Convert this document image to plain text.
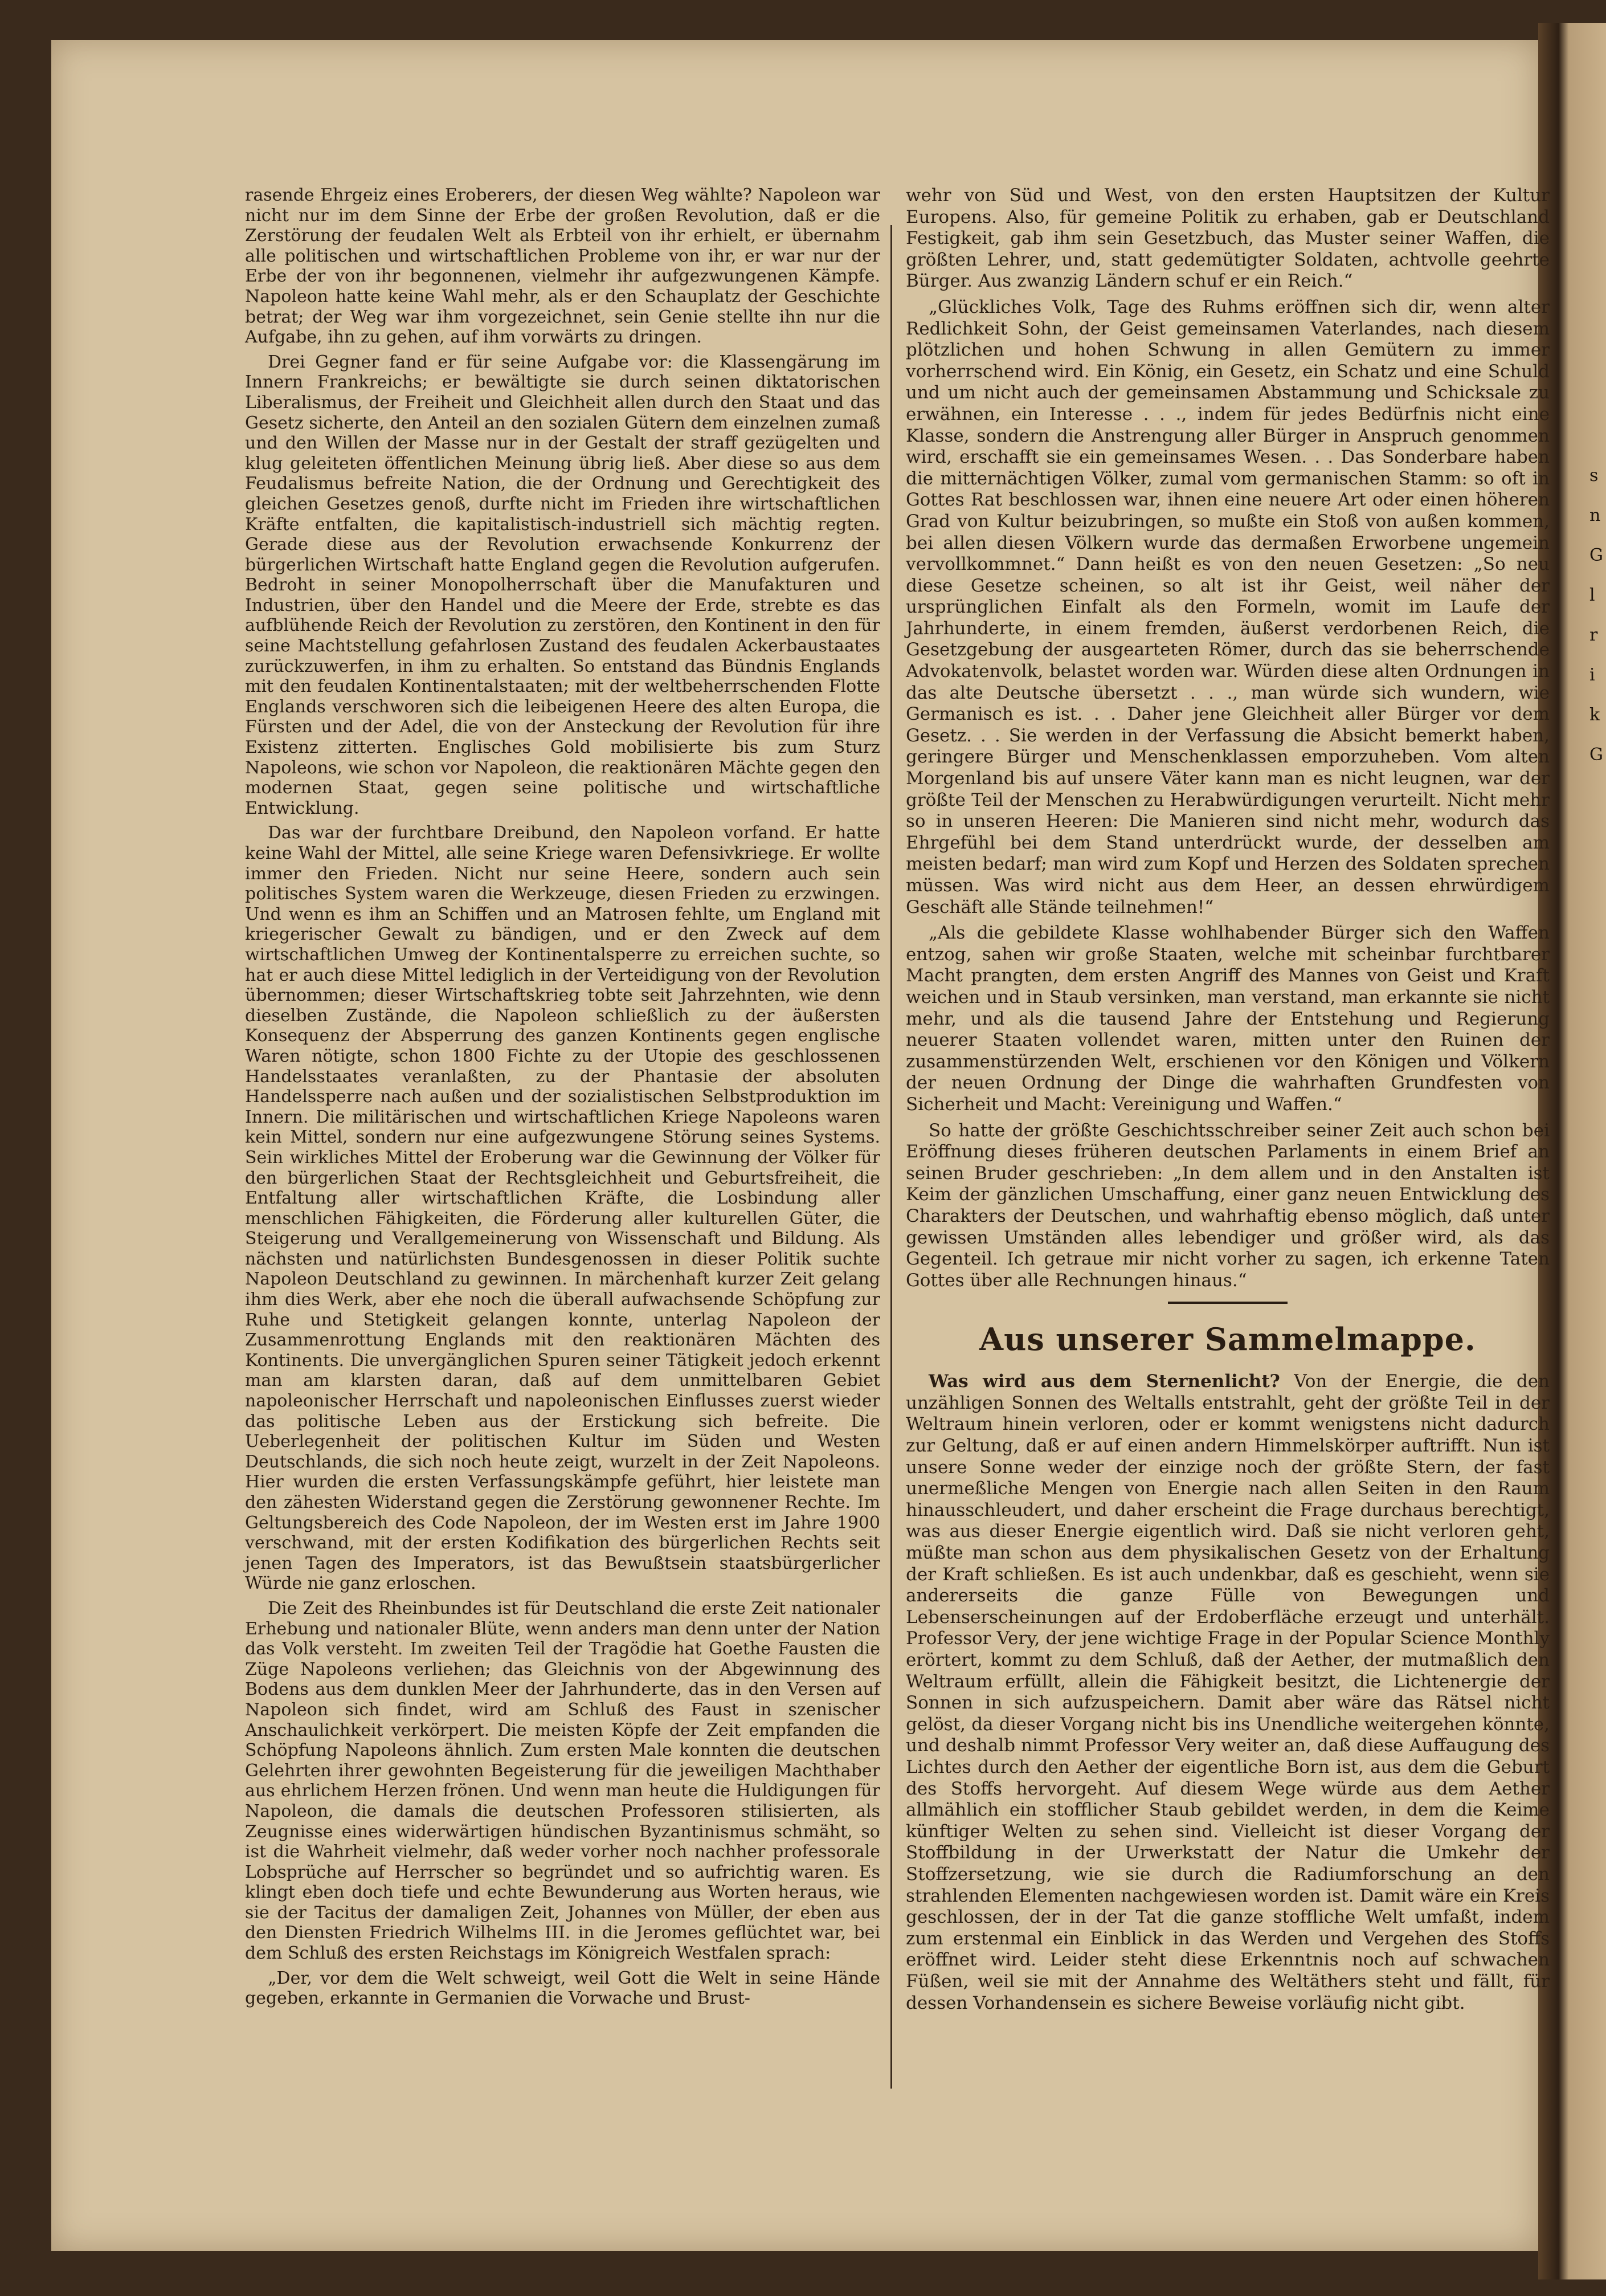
s
n
G
l
r
i
k
G

rasende Ehrgeiz eines Eroberers, der diesen Weg wählte? Napoleon war nicht nur im dem Sinne der Erbe der großen Revolution, daß er die Zerstörung der feudalen Welt als Erbteil von ihr erhielt, er übernahm alle politischen und wirtschaftlichen Probleme von ihr, er war nur der Erbe der von ihr begonnenen, vielmehr ihr aufgezwungenen Kämpfe. Napoleon hatte keine Wahl mehr, als er den Schauplatz der Geschichte betrat; der Weg war ihm vorgezeichnet, sein Genie stellte ihn nur die Aufgabe, ihn zu gehen, auf ihm vorwärts zu dringen.

Drei Gegner fand er für seine Aufgabe vor: die Klassengärung im Innern Frankreichs; er bewältigte sie durch seinen diktatorischen Liberalismus, der Freiheit und Gleichheit allen durch den Staat und das Gesetz sicherte, den Anteil an den sozialen Gütern dem einzelnen zumaß und den Willen der Masse nur in der Gestalt der straff gezügelten und klug geleiteten öffentlichen Meinung übrig ließ. Aber diese so aus dem Feudalismus befreite Nation, die der Ordnung und Gerechtigkeit des gleichen Gesetzes genoß, durfte nicht im Frieden ihre wirtschaftlichen Kräfte entfalten, die kapitalistisch-industriell sich mächtig regten. Gerade diese aus der Revolution erwachsende Konkurrenz der bürgerlichen Wirtschaft hatte England gegen die Revolution aufgerufen. Bedroht in seiner Monopolherrschaft über die Manufakturen und Industrien, über den Handel und die Meere der Erde, strebte es das aufblühende Reich der Revolution zu zerstören, den Kontinent in den für seine Machtstellung gefahrlosen Zustand des feudalen Ackerbaustaates zurückzuwerfen, in ihm zu erhalten. So entstand das Bündnis Englands mit den feudalen Kontinentalstaaten; mit der weltbeherrschenden Flotte Englands verschworen sich die leibeigenen Heere des alten Europa, die Fürsten und der Adel, die von der Ansteckung der Revolution für ihre Existenz zitterten. Englisches Gold mobilisierte bis zum Sturz Napoleons, wie schon vor Napoleon, die reaktionären Mächte gegen den modernen Staat, gegen seine politische und wirtschaftliche Entwicklung.

Das war der furchtbare Dreibund, den Napoleon vorfand. Er hatte keine Wahl der Mittel, alle seine Kriege waren Defensivkriege. Er wollte immer den Frieden. Nicht nur seine Heere, sondern auch sein politisches System waren die Werkzeuge, diesen Frieden zu erzwingen. Und wenn es ihm an Schiffen und an Matrosen fehlte, um England mit kriegerischer Gewalt zu bändigen, und er den Zweck auf dem wirtschaftlichen Umweg der Kontinentalsperre zu erreichen suchte, so hat er auch diese Mittel lediglich in der Verteidigung von der Revolution übernommen; dieser Wirtschaftskrieg tobte seit Jahrzehnten, wie denn dieselben Zustände, die Napoleon schließlich zu der äußersten Konsequenz der Absperrung des ganzen Kontinents gegen englische Waren nötigte, schon 1800 Fichte zu der Utopie des geschlossenen Handelsstaates veranlaßten, zu der Phantasie der absoluten Handelssperre nach außen und der sozialistischen Selbstproduktion im Innern. Die militärischen und wirtschaftlichen Kriege Napoleons waren kein Mittel, sondern nur eine aufgezwungene Störung seines Systems. Sein wirkliches Mittel der Eroberung war die Gewinnung der Völker für den bürgerlichen Staat der Rechtsgleichheit und Geburtsfreiheit, die Entfaltung aller wirtschaftlichen Kräfte, die Losbindung aller menschlichen Fähigkeiten, die Förderung aller kulturellen Güter, die Steigerung und Verallgemeinerung von Wissenschaft und Bildung. Als nächsten und natürlichsten Bundesgenossen in dieser Politik suchte Napoleon Deutschland zu gewinnen. In märchenhaft kurzer Zeit gelang ihm dies Werk, aber ehe noch die überall aufwachsende Schöpfung zur Ruhe und Stetigkeit gelangen konnte, unterlag Napoleon der Zusammenrottung Englands mit den reaktionären Mächten des Kontinents. Die unvergänglichen Spuren seiner Tätigkeit jedoch erkennt man am klarsten daran, daß auf dem unmittelbaren Gebiet napoleonischer Herrschaft und napoleonischen Einflusses zuerst wieder das politische Leben aus der Erstickung sich befreite. Die Ueberlegenheit der politischen Kultur im Süden und Westen Deutschlands, die sich noch heute zeigt, wurzelt in der Zeit Napoleons. Hier wurden die ersten Verfassungskämpfe geführt, hier leistete man den zähesten Widerstand gegen die Zerstörung gewonnener Rechte. Im Geltungsbereich des Code Napoleon, der im Westen erst im Jahre 1900 verschwand, mit der ersten Kodifikation des bürgerlichen Rechts seit jenen Tagen des Imperators, ist das Bewußtsein staatsbürgerlicher Würde nie ganz erloschen.

Die Zeit des Rheinbundes ist für Deutschland die erste Zeit nationaler Erhebung und nationaler Blüte, wenn anders man denn unter der Nation das Volk versteht. Im zweiten Teil der Tragödie hat Goethe Fausten die Züge Napoleons verliehen; das Gleichnis von der Abgewinnung des Bodens aus dem dunklen Meer der Jahrhunderte, das in den Versen auf Napoleon sich findet, wird am Schluß des Faust in szenischer Anschaulichkeit verkörpert. Die meisten Köpfe der Zeit empfanden die Schöpfung Napoleons ähnlich. Zum ersten Male konnten die deutschen Gelehrten ihrer gewohnten Begeisterung für die jeweiligen Machthaber aus ehrlichem Herzen frönen. Und wenn man heute die Huldigungen für Napoleon, die damals die deutschen Professoren stilisierten, als Zeugnisse eines widerwärtigen hündischen Byzantinismus schmäht, so ist die Wahrheit vielmehr, daß weder vorher noch nachher professorale Lobsprüche auf Herrscher so begründet und so aufrichtig waren. Es klingt eben doch tiefe und echte Bewunderung aus Worten heraus, wie sie der Tacitus der damaligen Zeit, Johannes von Müller, der eben aus den Diensten Friedrich Wilhelms III. in die Jeromes geflüchtet war, bei dem Schluß des ersten Reichstags im Königreich Westfalen sprach:

„Der, vor dem die Welt schweigt, weil Gott die Welt in seine Hände gegeben, erkannte in Germanien die Vorwache und Brust-

wehr von Süd und West, von den ersten Hauptsitzen der Kultur Europens. Also, für gemeine Politik zu erhaben, gab er Deutschland Festigkeit, gab ihm sein Gesetzbuch, das Muster seiner Waffen, die größten Lehrer, und, statt gedemütigter Soldaten, achtvolle geehrte Bürger. Aus zwanzig Ländern schuf er ein Reich.“

„Glückliches Volk, Tage des Ruhms eröffnen sich dir, wenn alter Redlichkeit Sohn, der Geist gemeinsamen Vaterlandes, nach diesem plötzlichen und hohen Schwung in allen Gemütern zu immer vorherrschend wird. Ein König, ein Gesetz, ein Schatz und eine Schuld und um nicht auch der gemeinsamen Abstammung und Schicksale zu erwähnen, ein Interesse . . ., indem für jedes Bedürfnis nicht eine Klasse, sondern die Anstrengung aller Bürger in Anspruch genommen wird, erschafft sie ein gemeinsames Wesen. . . Das Sonderbare haben die mitternächtigen Völker, zumal vom germanischen Stamm: so oft in Gottes Rat beschlossen war, ihnen eine neuere Art oder einen höheren Grad von Kultur beizubringen, so mußte ein Stoß von außen kommen, bei allen diesen Völkern wurde das dermaßen Erworbene ungemein vervollkommnet.“ Dann heißt es von den neuen Gesetzen: „So neu diese Gesetze scheinen, so alt ist ihr Geist, weil näher der ursprünglichen Einfalt als den Formeln, womit im Laufe der Jahrhunderte, in einem fremden, äußerst verdorbenen Reich, die Gesetzgebung der ausgearteten Römer, durch das sie beherrschende Advokatenvolk, belastet worden war. Würden diese alten Ordnungen in das alte Deutsche übersetzt . . ., man würde sich wundern, wie Germanisch es ist. . . Daher jene Gleichheit aller Bürger vor dem Gesetz. . . Sie werden in der Verfassung die Absicht bemerkt haben, geringere Bürger und Menschenklassen emporzuheben. Vom alten Morgenland bis auf unsere Väter kann man es nicht leugnen, war der größte Teil der Menschen zu Herabwürdigungen verurteilt. Nicht mehr so in unseren Heeren: Die Manieren sind nicht mehr, wodurch das Ehrgefühl bei dem Stand unterdrückt wurde, der desselben am meisten bedarf; man wird zum Kopf und Herzen des Soldaten sprechen müssen. Was wird nicht aus dem Heer, an dessen ehrwürdigem Geschäft alle Stände teilnehmen!“

„Als die gebildete Klasse wohlhabender Bürger sich den Waffen entzog, sahen wir große Staaten, welche mit scheinbar furchtbarer Macht prangten, dem ersten Angriff des Mannes von Geist und Kraft weichen und in Staub versinken, man verstand, man erkannte sie nicht mehr, und als die tausend Jahre der Entstehung und Regierung neuerer Staaten vollendet waren, mitten unter den Ruinen der zusammenstürzenden Welt, erschienen vor den Königen und Völkern der neuen Ordnung der Dinge die wahrhaften Grundfesten von Sicherheit und Macht: Vereinigung und Waffen.“

So hatte der größte Geschichtsschreiber seiner Zeit auch schon bei Eröffnung dieses früheren deutschen Parlaments in einem Brief an seinen Bruder geschrieben: „In dem allem und in den Anstalten ist Keim der gänzlichen Umschaffung, einer ganz neuen Entwicklung des Charakters der Deutschen, und wahrhaftig ebenso möglich, daß unter gewissen Umständen alles lebendiger und größer wird, als das Gegenteil. Ich getraue mir nicht vorher zu sagen, ich erkenne Taten Gottes über alle Rechnungen hinaus.“

Aus unserer Sammelmappe.

Was wird aus dem Sternenlicht? Von der Energie, die den unzähligen Sonnen des Weltalls entstrahlt, geht der größte Teil in der Weltraum hinein verloren, oder er kommt wenigstens nicht dadurch zur Geltung, daß er auf einen andern Himmelskörper auftrifft. Nun ist unsere Sonne weder der einzige noch der größte Stern, der fast unermeßliche Mengen von Energie nach allen Seiten in den Raum hinausschleudert, und daher erscheint die Frage durchaus berechtigt, was aus dieser Energie eigentlich wird. Daß sie nicht verloren geht, müßte man schon aus dem physikalischen Gesetz von der Erhaltung der Kraft schließen. Es ist auch undenkbar, daß es geschieht, wenn sie andererseits die ganze Fülle von Bewegungen und Lebenserscheinungen auf der Erdoberfläche erzeugt und unterhält. Professor Very, der jene wichtige Frage in der Popular Science Monthly erörtert, kommt zu dem Schluß, daß der Aether, der mutmaßlich den Weltraum erfüllt, allein die Fähigkeit besitzt, die Lichtenergie der Sonnen in sich aufzuspeichern. Damit aber wäre das Rätsel nicht gelöst, da dieser Vorgang nicht bis ins Unendliche weitergehen könnte, und deshalb nimmt Professor Very weiter an, daß diese Auffaugung des Lichtes durch den Aether der eigentliche Born ist, aus dem die Geburt des Stoffs hervorgeht. Auf diesem Wege würde aus dem Aether allmählich ein stofflicher Staub gebildet werden, in dem die Keime künftiger Welten zu sehen sind. Vielleicht ist dieser Vorgang der Stoffbildung in der Urwerkstatt der Natur die Umkehr der Stoffzersetzung, wie sie durch die Radiumforschung an den strahlenden Elementen nachgewiesen worden ist. Damit wäre ein Kreis geschlossen, der in der Tat die ganze stoffliche Welt umfaßt, indem zum erstenmal ein Einblick in das Werden und Vergehen des Stoffs eröffnet wird. Leider steht diese Erkenntnis noch auf schwachen Füßen, weil sie mit der Annahme des Weltäthers steht und fällt, für dessen Vorhandensein es sichere Beweise vorläufig nicht gibt.
